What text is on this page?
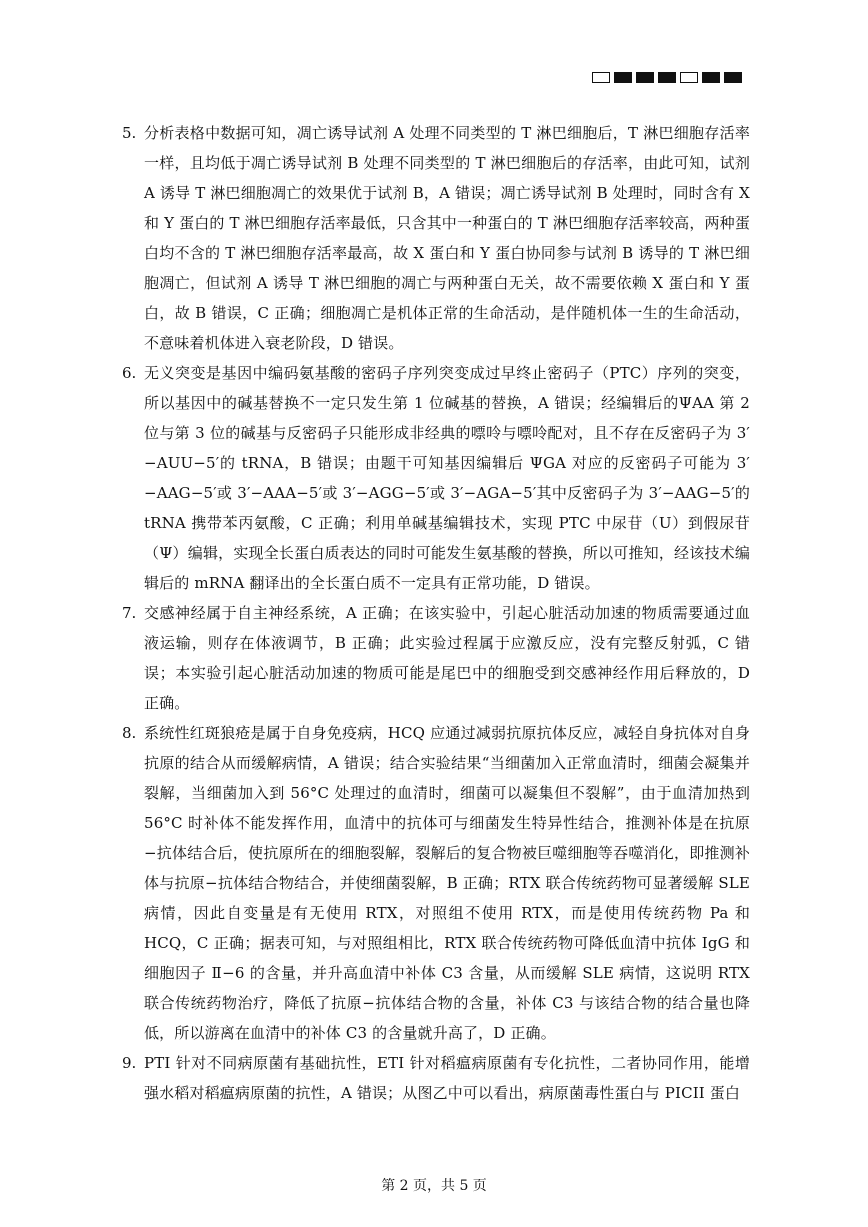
5. 分析表格中数据可知，凋亡诱导试剂 A 处理不同类型的 T 淋巴细胞后，T 淋巴细胞存活率一样，且均低于凋亡诱导试剂 B 处理不同类型的 T 淋巴细胞后的存活率，由此可知，试剂 A 诱导 T 淋巴细胞凋亡的效果优于试剂 B，A 错误；凋亡诱导试剂 B 处理时，同时含有 X 和 Y 蛋白的 T 淋巴细胞存活率最低，只含其中一种蛋白的 T 淋巴细胞存活率较高，两种蛋白均不含的 T 淋巴细胞存活率最高，故 X 蛋白和 Y 蛋白协同参与试剂 B 诱导的 T 淋巴细胞凋亡，但试剂 A 诱导 T 淋巴细胞的凋亡与两种蛋白无关，故不需要依赖 X 蛋白和 Y 蛋白，故 B 错误，C 正确；细胞凋亡是机体正常的生命活动，是伴随机体一生的生命活动，不意味着机体进入衰老阶段，D 错误。
6. 无义突变是基因中编码氨基酸的密码子序列突变成过早终止密码子（PTC）序列的突变，所以基因中的碱基替换不一定只发生第 1 位碱基的替换，A 错误；经编辑后的ΨAA 第 2 位与第 3 位的碱基与反密码子只能形成非经典的嘌呤与嘌呤配对，且不存在反密码子为 3′−AUU−5′的 tRNA，B 错误；由题干可知基因编辑后 ΨGA 对应的反密码子可能为 3′−AAG−5′或 3′−AAA−5′或 3′−AGG−5′或 3′−AGA−5′其中反密码子为 3′−AAG−5′的 tRNA 携带苯丙氨酸，C 正确；利用单碱基编辑技术，实现 PTC 中尿苷（U）到假尿苷（Ψ）编辑，实现全长蛋白质表达的同时可能发生氨基酸的替换，所以可推知，经该技术编辑后的 mRNA 翻译出的全长蛋白质不一定具有正常功能，D 错误。
7. 交感神经属于自主神经系统，A 正确；在该实验中，引起心脏活动加速的物质需要通过血液运输，则存在体液调节，B 正确；此实验过程属于应激反应，没有完整反射弧，C 错误；本实验引起心脏活动加速的物质可能是尾巴中的细胞受到交感神经作用后释放的，D 正确。
8. 系统性红斑狼疮是属于自身免疫病，HCQ 应通过减弱抗原抗体反应，减轻自身抗体对自身抗原的结合从而缓解病情，A 错误；结合实验结果“当细菌加入正常血清时，细菌会凝集并裂解，当细菌加入到 56°C 处理过的血清时，细菌可以凝集但不裂解”，由于血清加热到 56°C 时补体不能发挥作用，血清中的抗体可与细菌发生特异性结合，推测补体是在抗原−抗体结合后，使抗原所在的细胞裂解，裂解后的复合物被巨噬细胞等吞噬消化，即推测补体与抗原−抗体结合物结合，并使细菌裂解，B 正确；RTX 联合传统药物可显著缓解 SLE 病情，因此自变量是有无使用 RTX，对照组不使用 RTX，而是使用传统药物 Pa 和 HCQ，C 正确；据表可知，与对照组相比，RTX 联合传统药物可降低血清中抗体 IgG 和细胞因子 Ⅱ−6 的含量，并升高血清中补体 C3 含量，从而缓解 SLE 病情，这说明 RTX 联合传统药物治疗，降低了抗原−抗体结合物的含量，补体 C3 与该结合物的结合量也降低，所以游离在血清中的补体 C3 的含量就升高了，D 正确。
9. PTI 针对不同病原菌有基础抗性，ETI 针对稻瘟病原菌有专化抗性，二者协同作用，能增强水稻对稻瘟病原菌的抗性，A 错误；从图乙中可以看出，病原菌毒性蛋白与 PICII 蛋白
第 2 页，共 5 页
